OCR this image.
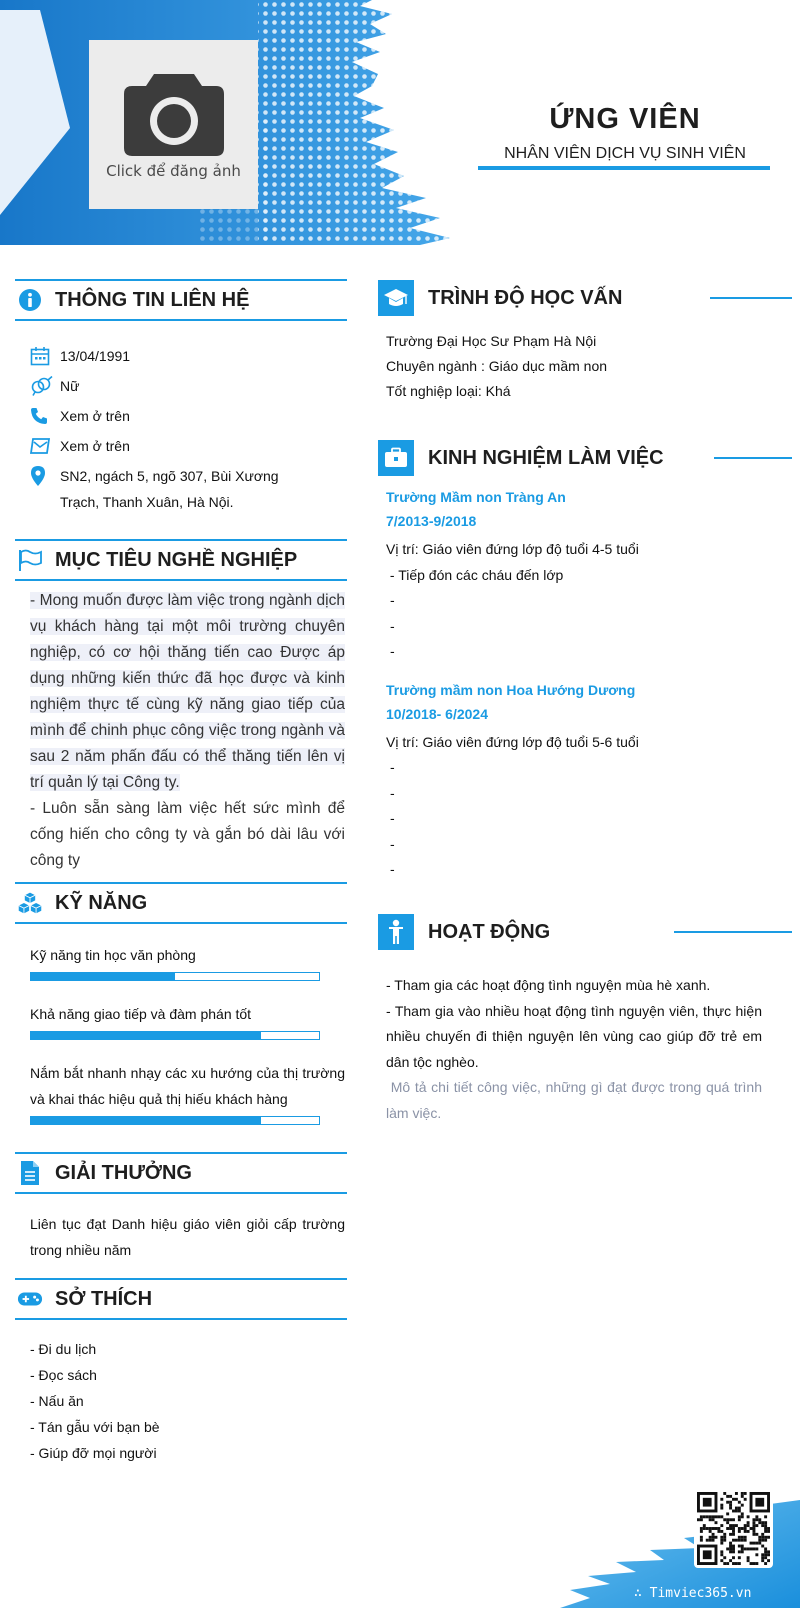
Click để đăng ảnh
ỨNG VIÊN
NHÂN VIÊN DỊCH VỤ SINH VIÊN
THÔNG TIN LIÊN HỆ
13/04/1991
Nữ
Xem ở trên
Xem ở trên
SN2, ngách 5, ngõ 307, Bùi Xương Trạch, Thanh Xuân, Hà Nội.
MỤC TIÊU NGHỀ NGHIỆP
- Mong muốn được làm việc trong ngành dịch vụ khách hàng tại một môi trường chuyên nghiệp, có cơ hội thăng tiến cao Được áp dụng những kiến thức đã học được và kinh nghiệm thực tế cùng kỹ năng giao tiếp của mình để chinh phục công việc trong ngành và sau 2 năm phấn đấu có thể thăng tiến lên vị trí quản lý tại Công ty.
- Luôn sẵn sàng làm việc hết sức mình để cống hiến cho công ty và gắn bó dài lâu với công ty
KỸ NĂNG
Kỹ năng tin học văn phòng
Khả năng giao tiếp và đàm phán tốt
Nắm bắt nhanh nhạy các xu hướng của thị trường và khai thác hiệu quả thị hiếu khách hàng
GIẢI THƯỞNG
Liên tục đạt Danh hiệu giáo viên giỏi cấp trường trong nhiều năm
SỞ THÍCH
- Đi du lịch
- Đọc sách
- Nấu ăn
- Tán gẫu với bạn bè
- Giúp đỡ mọi người
TRÌNH ĐỘ HỌC VẤN
Trường Đại Học Sư Phạm Hà Nội
Chuyên ngành : Giáo dục mầm non
Tốt nghiệp loại: Khá
KINH NGHIỆM LÀM VIỆC
Trường Mầm non Tràng An
7/2013-9/2018
Vị trí: Giáo viên đứng lớp độ tuổi 4-5 tuổi
- Tiếp đón các cháu đến lớp
-
-
-
Trường mầm non Hoa Hướng Dương
10/2018- 6/2024
Vị trí: Giáo viên đứng lớp độ tuổi 5-6 tuổi
-
-
-
-
-
HOẠT ĐỘNG
- Tham gia các hoạt động tình nguyện mùa hè xanh.
- Tham gia vào nhiều hoạt động tình nguyện viên, thực hiện nhiều chuyến đi thiện nguyện lên vùng cao giúp đỡ trẻ em dân tộc nghèo.
Mô tả chi tiết công việc, những gì đạt được trong quá trình làm việc.
∴ Timviec365.vn
